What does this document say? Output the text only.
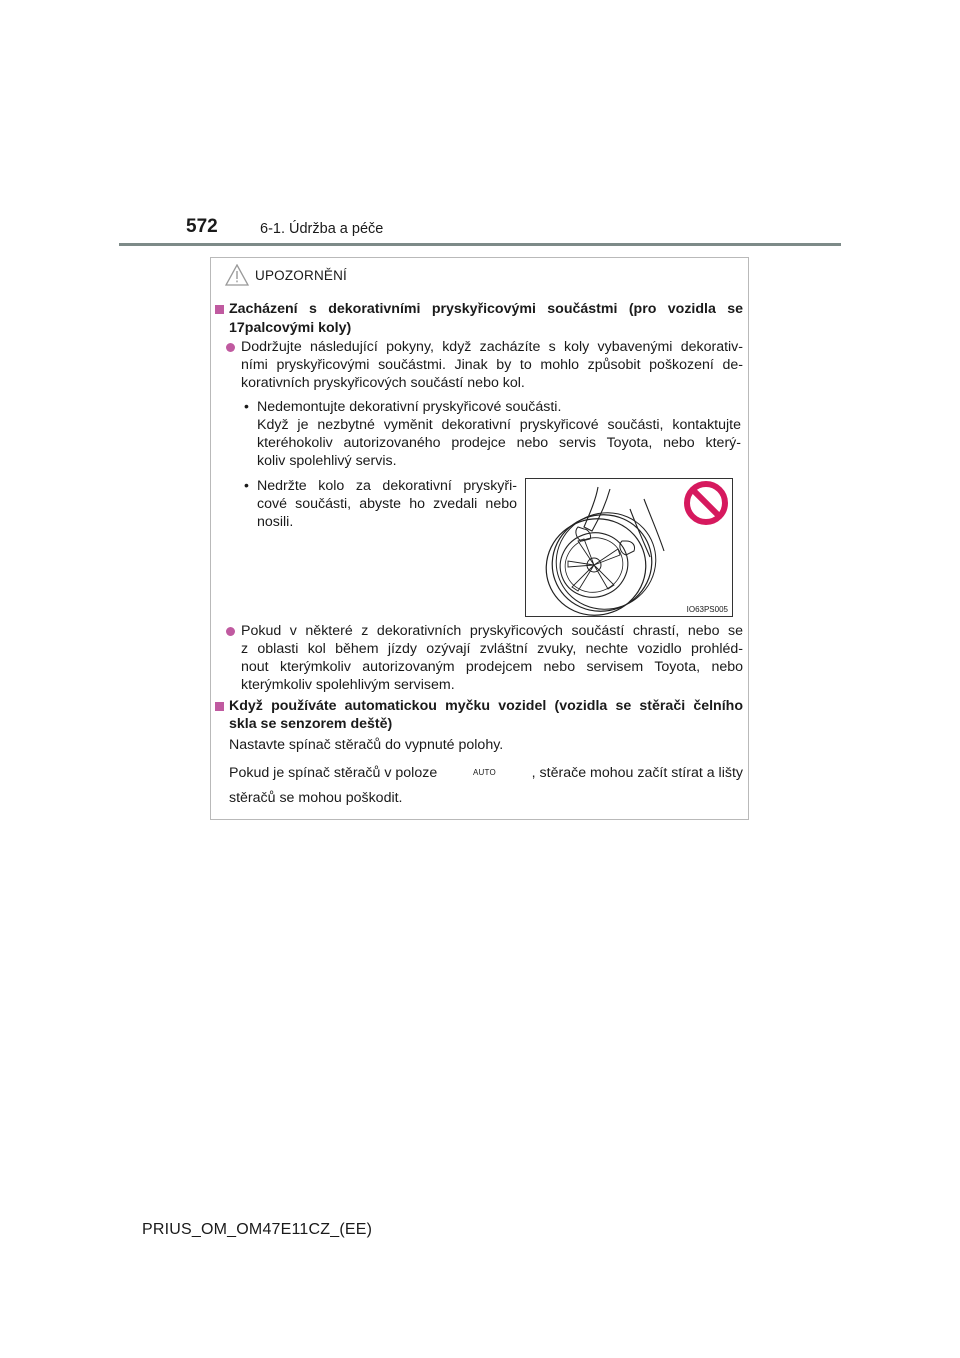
572	6-1. Údržba a péče
UPOZORNĚNÍ
Zacházení s dekorativními pryskyřicovými součástmi (pro vozidla se
17palcovými koly)
Dodržujte následující pokyny, když zacházíte s koly vybavenými dekorativ-
ními pryskyřicovými součástmi. Jinak by to mohlo způsobit poškození de-
korativních pryskyřicových součástí nebo kol.
• Nedemontujte dekorativní pryskyřicové součásti.
Když je nezbytné vyměnit dekorativní pryskyřicové součásti, kontaktujte
kteréhokoliv autorizovaného prodejce nebo servis Toyota, nebo který-
koliv spolehlivý servis.
• Nedržte kolo za dekorativní pryskyři-
cové součásti, abyste ho zvedali nebo
nosili.
IO63PS005
Pokud v některé z dekorativních pryskyřicových součástí chrastí, nebo se
z oblasti kol během jízdy ozývají zvláštní zvuky, nechte vozidlo prohléd-
nout kterýmkoliv autorizovaným prodejcem nebo servisem Toyota, nebo
kterýmkoliv spolehlivým servisem.
Když používáte automatickou myčku vozidel (vozidla se stěrači čelního
skla se senzorem deště)
Nastavte spínač stěračů do vypnuté polohy.
Pokud je spínač stěračů v poloze	AUTO	, stěrače mohou začít stírat a lišty
stěračů se mohou poškodit.
PRIUS_OM_OM47E11CZ_(EE)
